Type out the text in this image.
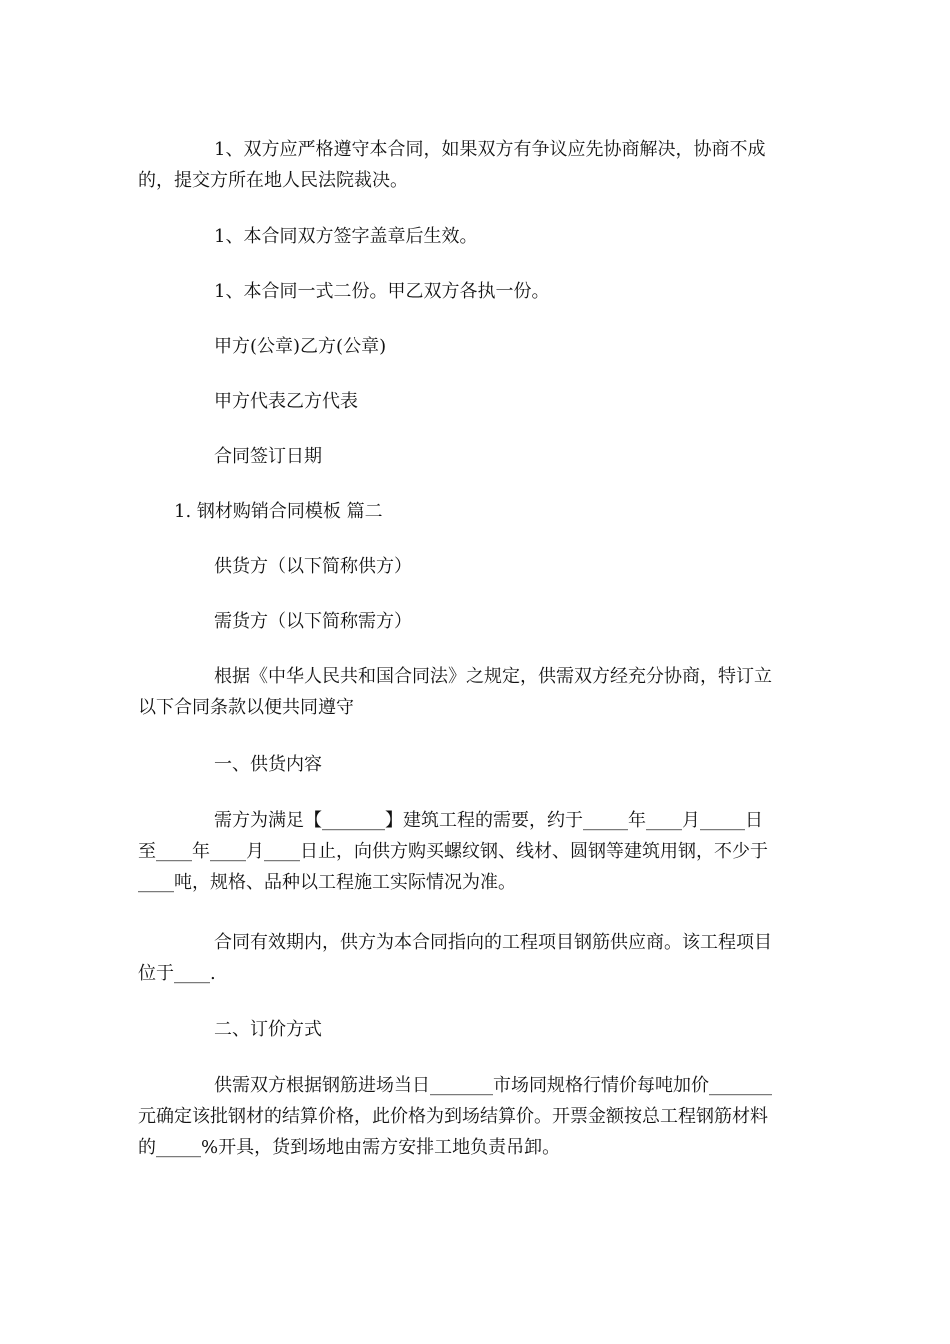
1、双方应严格遵守本合同，如果双方有争议应先协商解决，协商不成
的，提交方所在地人民法院裁决。

1、本合同双方签字盖章后生效。

1、本合同一式二份。甲乙双方各执一份。

甲方(公章)乙方(公章)

甲方代表乙方代表

合同签订日期

1. 钢材购销合同模板 篇二

供货方（以下简称供方）

需货方（以下简称需方）

根据《中华人民共和国合同法》之规定，供需双方经充分协商，特订立
以下合同条款以便共同遵守

一、供货内容

需方为满足【_______】建筑工程的需要，约于_____年____月_____日
至____年____月____日止，向供方购买螺纹钢、线材、圆钢等建筑用钢，不少于
____吨，规格、品种以工程施工实际情况为准。

合同有效期内，供方为本合同指向的工程项目钢筋供应商。该工程项目
位于____.

二、订价方式

供需双方根据钢筋进场当日_______市场同规格行情价每吨加价_______
元确定该批钢材的结算价格，此价格为到场结算价。开票金额按总工程钢筋材料
的_____%开具，货到场地由需方安排工地负责吊卸。
